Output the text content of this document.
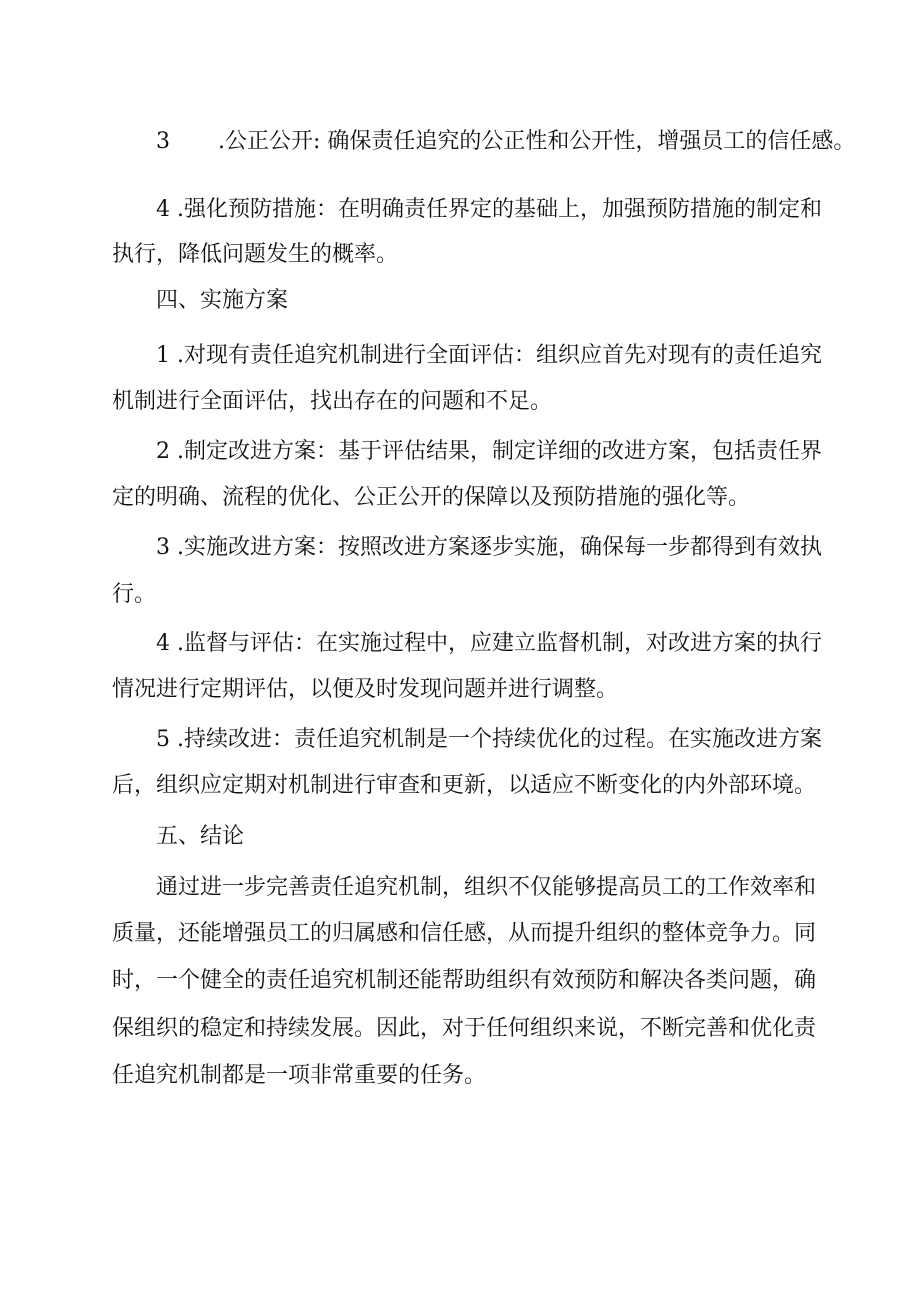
3 .公正公开: 确保责任追究的公正性和公开性，增强员工的信任感。
4 .强化预防措施：在明确责任界定的基础上，加强预防措施的制定和
执行，降低问题发生的概率。
四、实施方案
1 .对现有责任追究机制进行全面评估：组织应首先对现有的责任追究
机制进行全面评估，找出存在的问题和不足。
2 .制定改进方案：基于评估结果，制定详细的改进方案，包括责任界
定的明确、流程的优化、公正公开的保障以及预防措施的强化等。
3 .实施改进方案：按照改进方案逐步实施，确保每一步都得到有效执
行。
4 .监督与评估：在实施过程中，应建立监督机制，对改进方案的执行
情况进行定期评估，以便及时发现问题并进行调整。
5 .持续改进：责任追究机制是一个持续优化的过程。在实施改进方案
后，组织应定期对机制进行审查和更新，以适应不断变化的内外部环境。
五、结论
通过进一步完善责任追究机制，组织不仅能够提高员工的工作效率和
质量，还能增强员工的归属感和信任感，从而提升组织的整体竞争力。同
时，一个健全的责任追究机制还能帮助组织有效预防和解决各类问题，确
保组织的稳定和持续发展。因此，对于任何组织来说，不断完善和优化责
任追究机制都是一项非常重要的任务。
